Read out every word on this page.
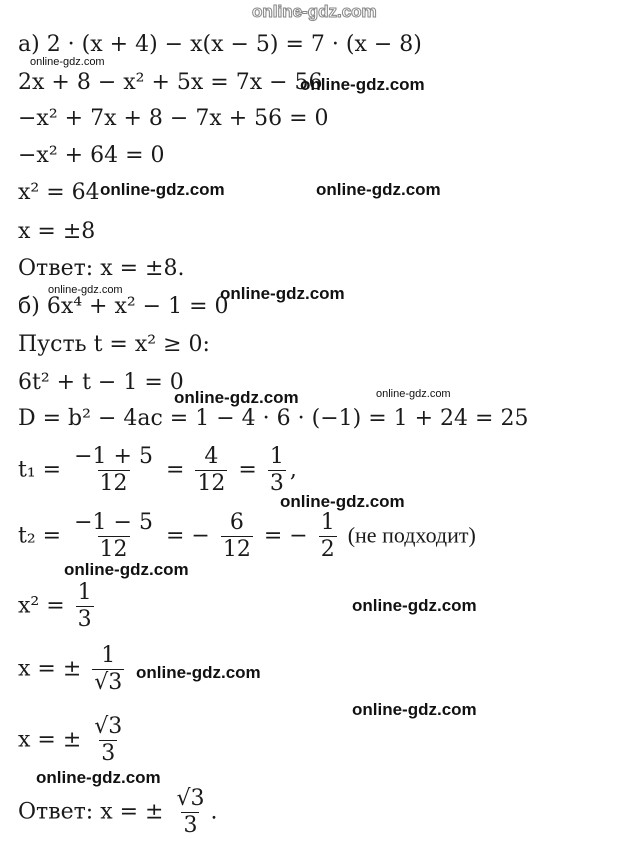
online-gdz.com
а) 2 · (x + 4) − x(x − 5) = 7 · (x − 8)
2x + 8 − x² + 5x = 7x − 56
−x² + 7x + 8 − 7x + 56 = 0
−x² + 64 = 0
x² = 64
x = ±8
Ответ: x = ±8.
б) 6x⁴ + x² − 1 = 0
Пусть t = x² ≥ 0:
6t² + t − 1 = 0
D = b² − 4ac = 1 − 4 · 6 · (−1) = 1 + 24 = 25
$t_1 = \frac{-1 + 5}{12} = \frac{4}{12} = \frac{1}{3}$ ,
$t_2 = \frac{-1 - 5}{12}$ = − $\frac{6}{12}$ = − $\frac{1}{2} (не$ подходит)
$x^2 = \frac{1}{3}$
x = ± $\frac{1}{√3}$
x = ± $\frac{√3}{3}$
Ответ: x = ± $\frac{√3}{3}$ .
online-gdz.com
online-gdz.com
online-gdz.com	online-gdz.com
online-gdz.com	online-gdz.com
online-gdz.com	online-gdz.com
online-gdz.com
online-gdz.com
online-gdz.com
online-gdz.com
online-gdz.com
online-gdz.com
